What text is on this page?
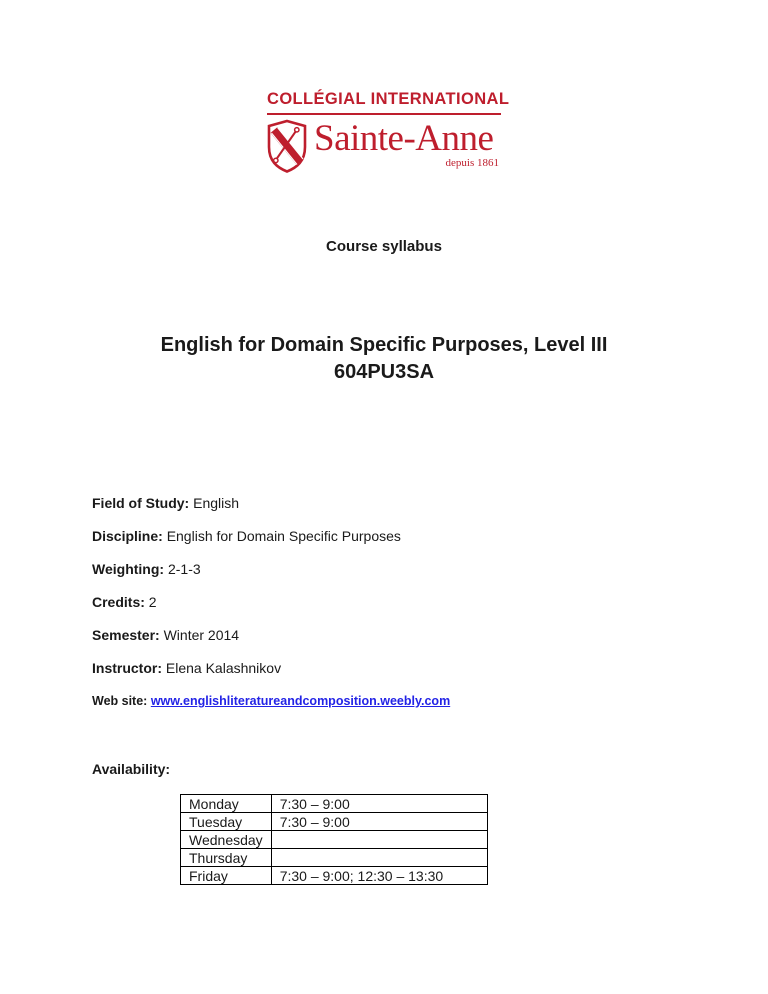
COLLÉGIAL INTERNATIONAL
Sainte-Anne
depuis 1861
Course syllabus
English for Domain Specific Purposes, Level III
604PU3SA

Field of Study: English

Discipline: English for Domain Specific Purposes

Weighting: 2-1-3

Credits: 2

Semester: Winter 2014

Instructor: Elena Kalashnikov

Web site: www.englishliteratureandcomposition.weebly.com

Availability:
Monday	7:30 – 9:00
Tuesday	7:30 – 9:00
Wednesday	
Thursday	
Friday	7:30 – 9:00; 12:30 – 13:30
